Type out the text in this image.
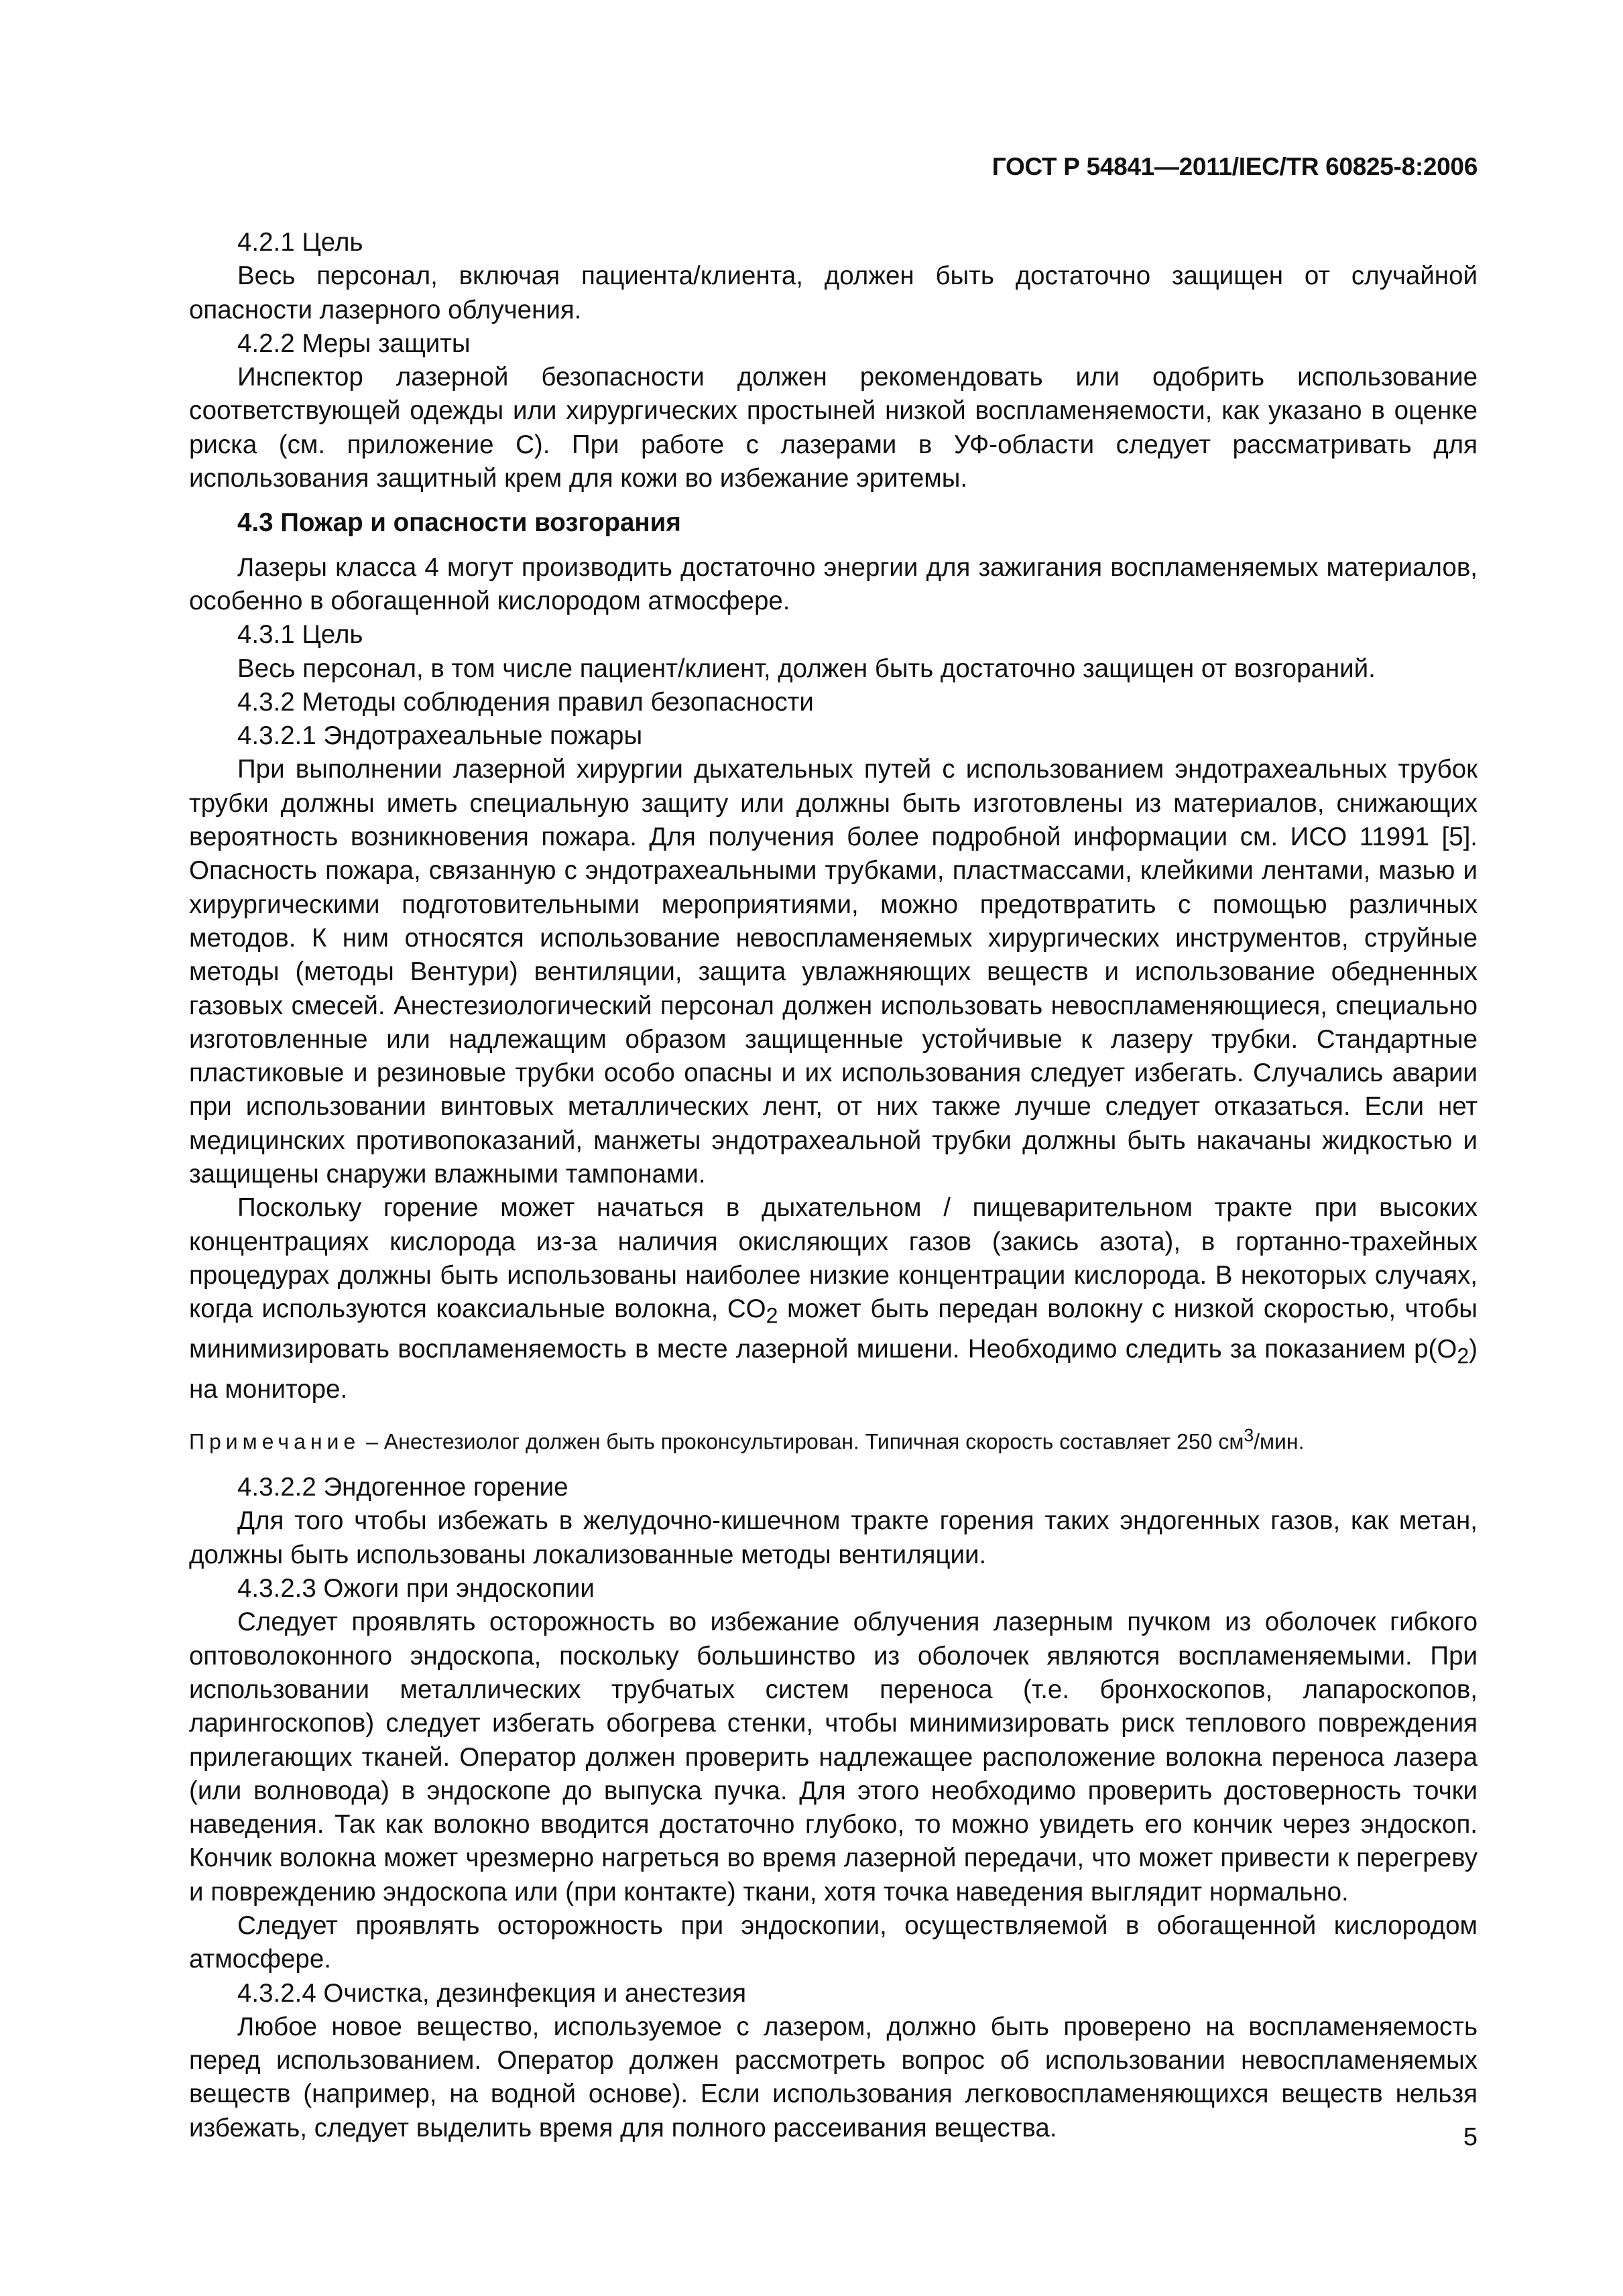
ГОСТ Р 54841—2011/IEC/TR 60825-8:2006

4.2.1 Цель

Весь персонал, включая пациента/клиента, должен быть достаточно защищен от случайной опасности лазерного облучения.

4.2.2 Меры защиты

Инспектор лазерной безопасности должен рекомендовать или одобрить использование соответствующей одежды или хирургических простыней низкой воспламеняемости, как указано в оценке риска (см. приложение С). При работе с лазерами в УФ-области следует рассматривать для использования защитный крем для кожи во избежание эритемы.

4.3 Пожар и опасности возгорания

Лазеры класса 4 могут производить достаточно энергии для зажигания воспламеняемых материалов, особенно в обогащенной кислородом атмосфере.

4.3.1 Цель

Весь персонал, в том числе пациент/клиент, должен быть достаточно защищен от возгораний.

4.3.2 Методы соблюдения правил безопасности

4.3.2.1 Эндотрахеальные пожары

При выполнении лазерной хирургии дыхательных путей с использованием эндотрахеальных трубок трубки должны иметь специальную защиту или должны быть изготовлены из материалов, снижающих вероятность возникновения пожара. Для получения более подробной информации см. ИСО 11991 [5]. Опасность пожара, связанную с эндотрахеальными трубками, пластмассами, клейкими лентами, мазью и хирургическими подготовительными мероприятиями, можно предотвратить с помощью различных методов. К ним относятся использование невоспламеняемых хирургических инструментов, струйные методы (методы Вентури) вентиляции, защита увлажняющих веществ и использование обедненных газовых смесей. Анестезиологический персонал должен использовать невоспламеняющиеся, специально изготовленные или надлежащим образом защищенные устойчивые к лазеру трубки. Стандартные пластиковые и резиновые трубки особо опасны и их использования следует избегать. Случались аварии при использовании винтовых металлических лент, от них также лучше следует отказаться. Если нет медицинских противопоказаний, манжеты эндотрахеальной трубки должны быть накачаны жидкостью и защищены снаружи влажными тампонами.

Поскольку горение может начаться в дыхательном / пищеварительном тракте при высоких концентрациях кислорода из-за наличия окисляющих газов (закись азота), в гортанно-трахейных процедурах должны быть использованы наиболее низкие концентрации кислорода. В некоторых случаях, когда используются коаксиальные волокна, $CO_2$ может быть передан волокну с низкой скоростью, чтобы минимизировать воспламеняемость в месте лазерной мишени. Необходимо следить за показанием $p(O_2)$ на мониторе.

Примечание – Анестезиолог должен быть проконсультирован. Типичная скорость составляет 250 $см^3$/мин.

4.3.2.2 Эндогенное горение

Для того чтобы избежать в желудочно-кишечном тракте горения таких эндогенных газов, как метан, должны быть использованы локализованные методы вентиляции.

4.3.2.3 Ожоги при эндоскопии

Следует проявлять осторожность во избежание облучения лазерным пучком из оболочек гибкого оптоволоконного эндоскопа, поскольку большинство из оболочек являются воспламеняемыми. При использовании металлических трубчатых систем переноса (т.е. бронхоскопов, лапароскопов, ларингоскопов) следует избегать обогрева стенки, чтобы минимизировать риск теплового повреждения прилегающих тканей. Оператор должен проверить надлежащее расположение волокна переноса лазера (или волновода) в эндоскопе до выпуска пучка. Для этого необходимо проверить достоверность точки наведения. Так как волокно вводится достаточно глубоко, то можно увидеть его кончик через эндоскоп. Кончик волокна может чрезмерно нагреться во время лазерной передачи, что может привести к перегреву и повреждению эндоскопа или (при контакте) ткани, хотя точка наведения выглядит нормально.

Следует проявлять осторожность при эндоскопии, осуществляемой в обогащенной кислородом атмосфере.

4.3.2.4 Очистка, дезинфекция и анестезия

Любое новое вещество, используемое с лазером, должно быть проверено на воспламеняемость перед использованием. Оператор должен рассмотреть вопрос об использовании невоспламеняемых веществ (например, на водной основе). Если использования легковоспламеняющихся веществ нельзя избежать, следует выделить время для полного рассеивания вещества.	5
